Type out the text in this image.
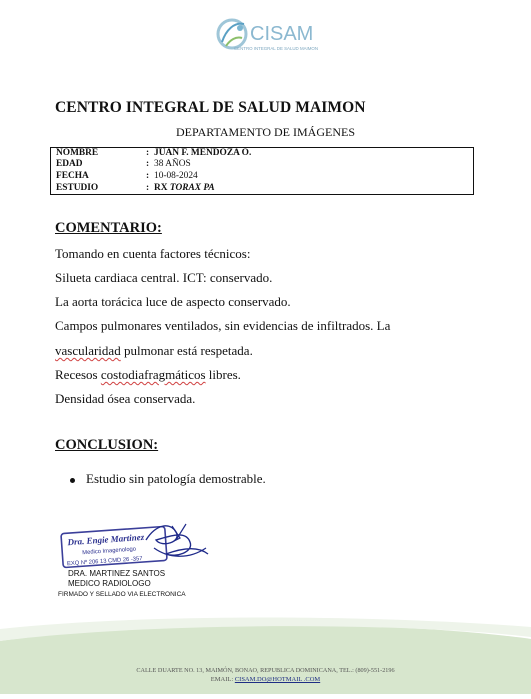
CISAM
CENTRO INTEGRAL DE SALUD MAIMON
CENTRO INTEGRAL DE SALUD MAIMON
DEPARTAMENTO DE IMÁGENES
NOMBRE	: JUAN F. MENDOZA O.
EDAD	: 38 AÑOS
FECHA	: 10-08-2024
ESTUDIO	: RX TORAX PA
COMENTARIO:
Tomando en cuenta factores técnicos:
Silueta cardiaca central. ICT: conservado.
La aorta torácica luce de aspecto conservado.
Campos pulmonares ventilados, sin evidencias de infiltrados. La
vascularidad pulmonar está respetada.
Recesos costodiafragmáticos libres.
Densidad ósea conservada.
CONCLUSION:
Estudio sin patología demostrable.
Dra. Engie Martinez
Medico Imagenologo
EXQ Nº 206 13 CMD 26 -357
DRA. MARTINEZ SANTOS
MEDICO RADIOLOGO
FIRMADO Y SELLADO VIA ELECTRONICA
CALLE DUARTE NO. 13, MAIMÓN, BONAO, REPUBLICA DOMINICANA, TEL.: (809)-551-2196
EMAIL: CISAM.DO@HOTMAIL .COM
